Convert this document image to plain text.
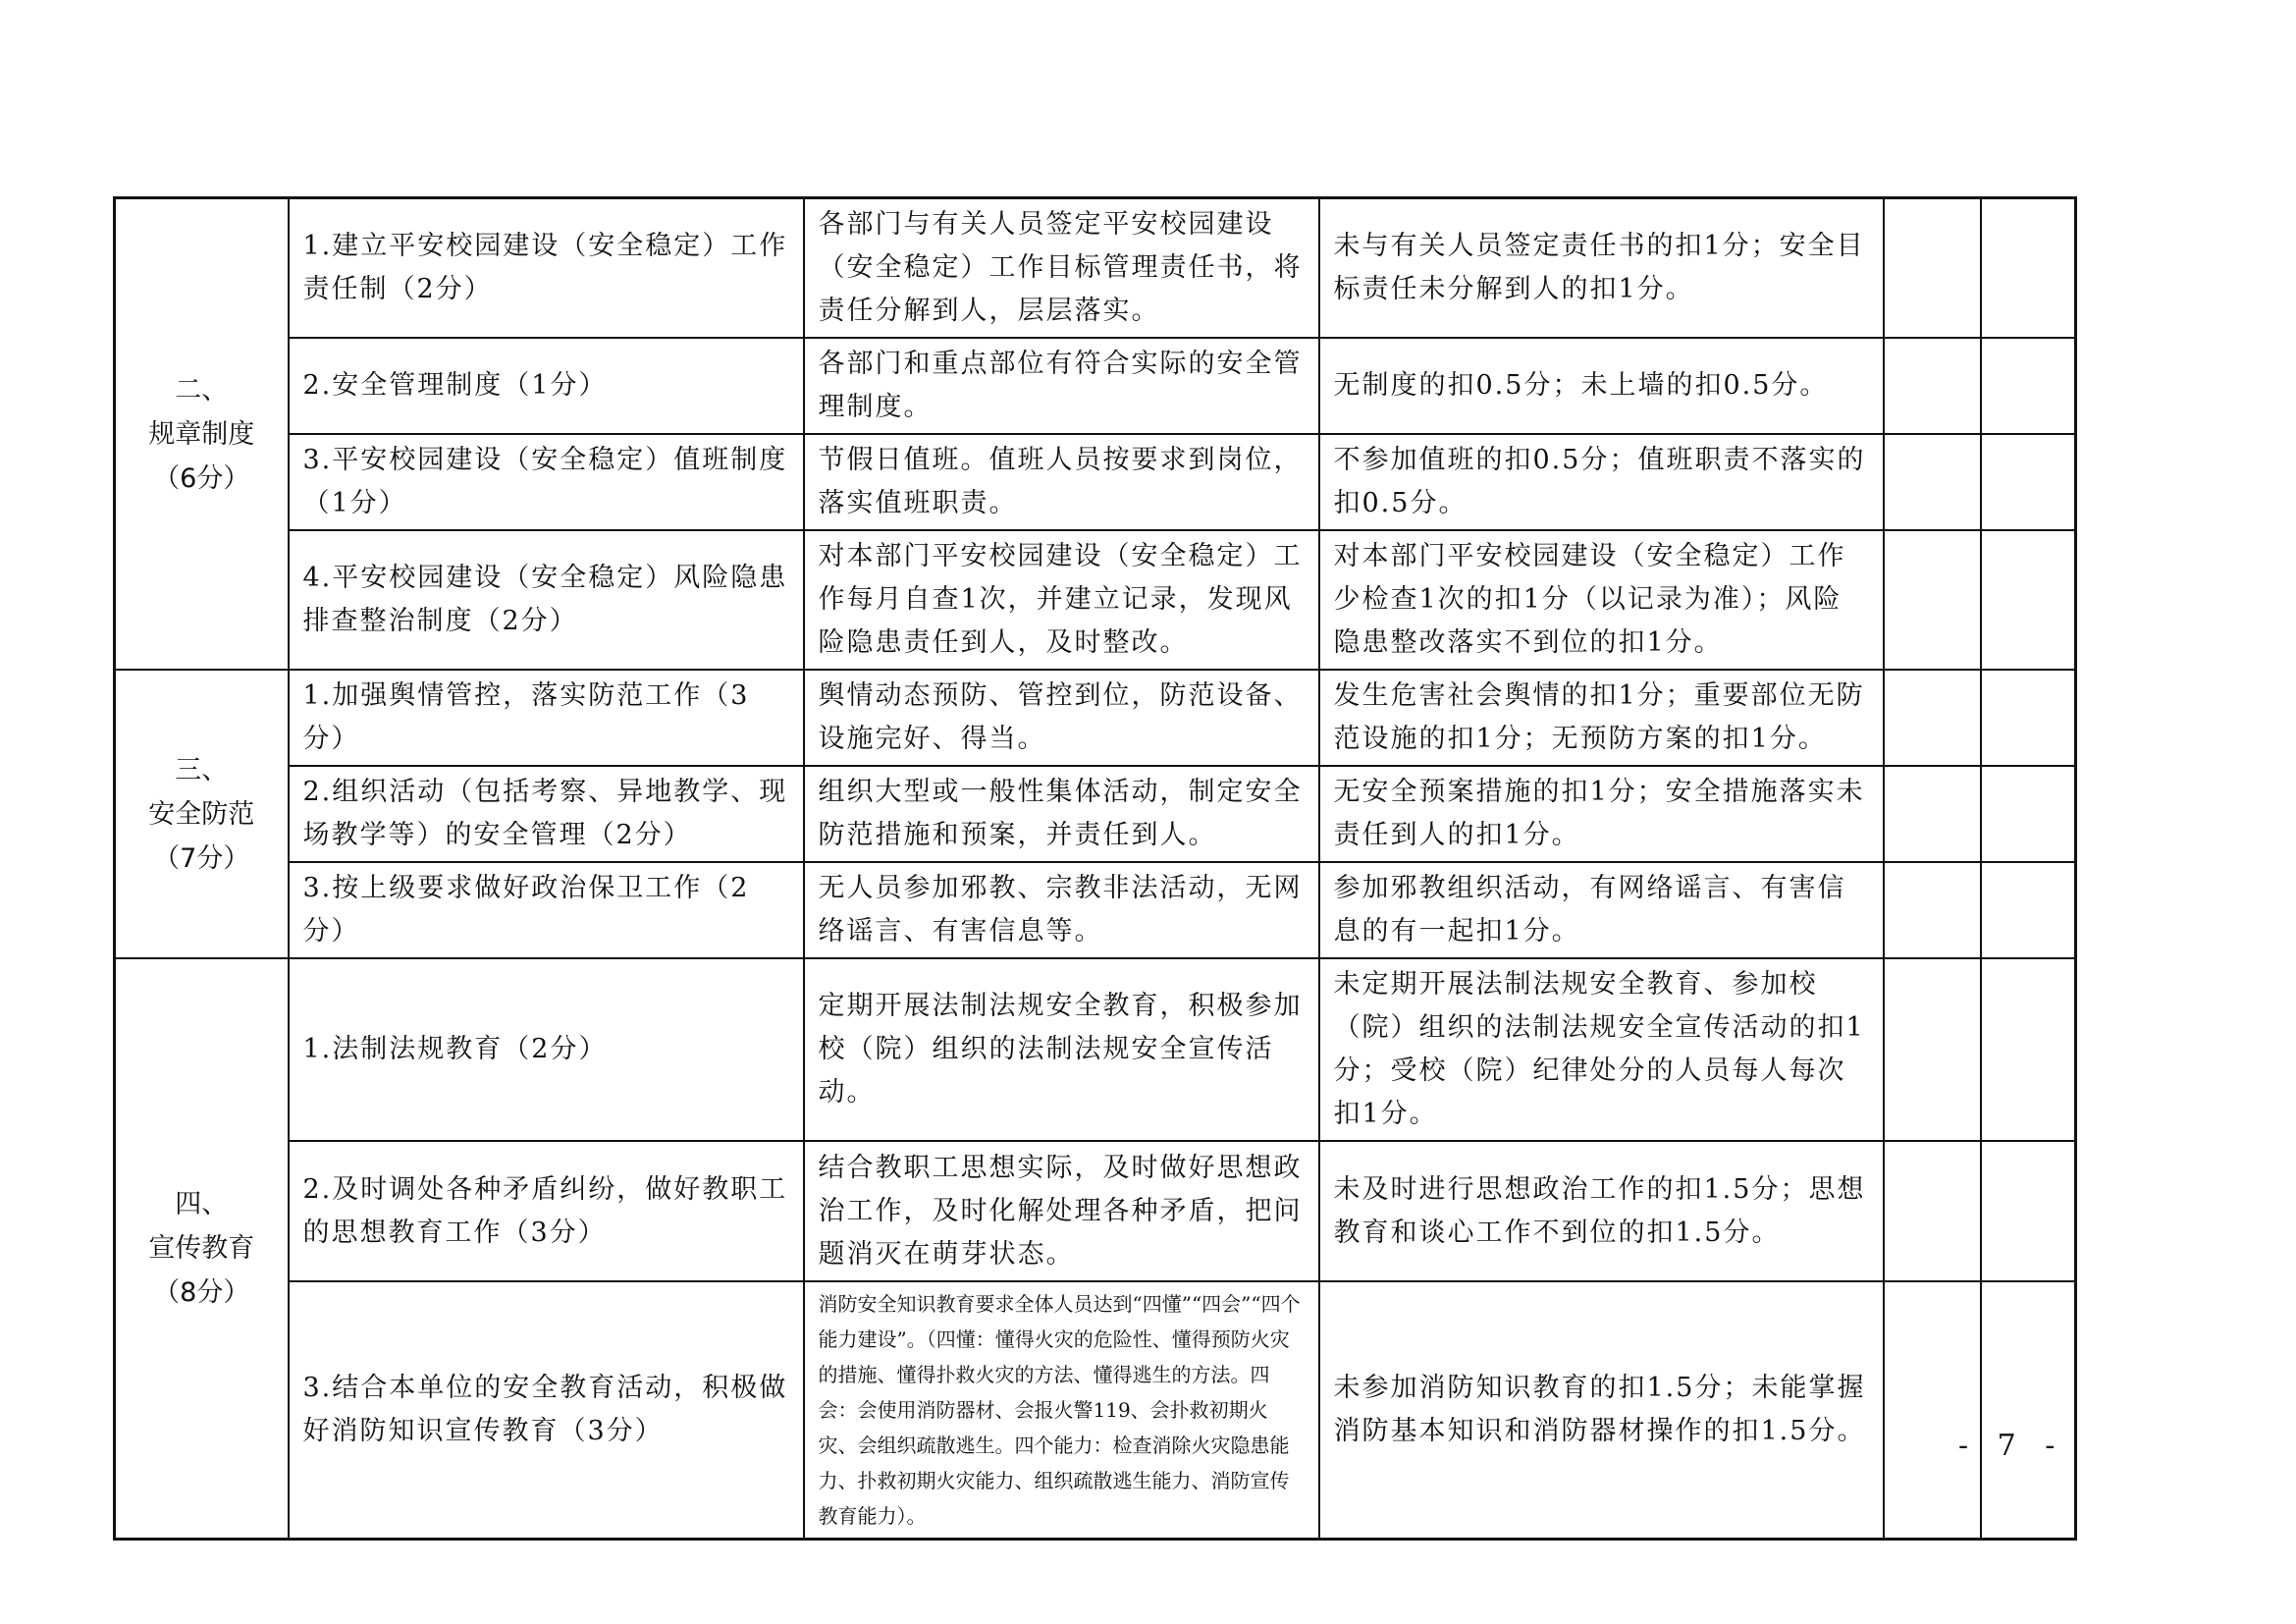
二、
规章制度
（6分）	1.建立平安校园建设（安全稳定）工作责任制（2分）	各部门与有关人员签定平安校园建设（安全稳定）工作目标管理责任书，将责任分解到人，层层落实。	未与有关人员签定责任书的扣1分；安全目标责任未分解到人的扣1分。		
	2.安全管理制度（1分）	各部门和重点部位有符合实际的安全管理制度。	无制度的扣0.5分；未上墙的扣0.5分。		
	3.平安校园建设（安全稳定）值班制度（1分）	节假日值班。值班人员按要求到岗位，落实值班职责。	不参加值班的扣0.5分；值班职责不落实的扣0.5分。		
	4.平安校园建设（安全稳定）风险隐患排查整治制度（2分）	对本部门平安校园建设（安全稳定）工作每月自查1次，并建立记录，发现风险隐患责任到人，及时整改。	对本部门平安校园建设（安全稳定）工作少检查1次的扣1分（以记录为准）；风险隐患整改落实不到位的扣1分。		

三、
安全防范
（7分）	1.加强舆情管控，落实防范工作（3分）	舆情动态预防、管控到位，防范设备、设施完好、得当。	发生危害社会舆情的扣1分；重要部位无防范设施的扣1分；无预防方案的扣1分。		
	2.组织活动（包括考察、异地教学、现场教学等）的安全管理（2分）	组织大型或一般性集体活动，制定安全防范措施和预案，并责任到人。	无安全预案措施的扣1分；安全措施落实未责任到人的扣1分。		
	3.按上级要求做好政治保卫工作（2分）	无人员参加邪教、宗教非法活动，无网络谣言、有害信息等。	参加邪教组织活动，有网络谣言、有害信息的有一起扣1分。		

四、
宣传教育
（8分）	1.法制法规教育（2分）	定期开展法制法规安全教育，积极参加校（院）组织的法制法规安全宣传活动。	未定期开展法制法规安全教育、参加校（院）组织的法制法规安全宣传活动的扣1分；受校（院）纪律处分的人员每人每次扣1分。		
	2.及时调处各种矛盾纠纷，做好教职工的思想教育工作（3分）	结合教职工思想实际，及时做好思想政治工作，及时化解处理各种矛盾，把问题消灭在萌芽状态。	未及时进行思想政治工作的扣1.5分；思想教育和谈心工作不到位的扣1.5分。		
	3.结合本单位的安全教育活动，积极做好消防知识宣传教育（3分）	消防安全知识教育要求全体人员达到“四懂”“四会”“四个能力建设”。（四懂：懂得火灾的危险性、懂得预防火灾的措施、懂得扑救火灾的方法、懂得逃生的方法。四会：会使用消防器材、会报火警119、会扑救初期火灾、会组织疏散逃生。四个能力：检查消除火灾隐患能力、扑救初期火灾能力、组织疏散逃生能力、消防宣传教育能力）。	未参加消防知识教育的扣1.5分；未能掌握消防基本知识和消防器材操作的扣1.5分。			- 7 -
